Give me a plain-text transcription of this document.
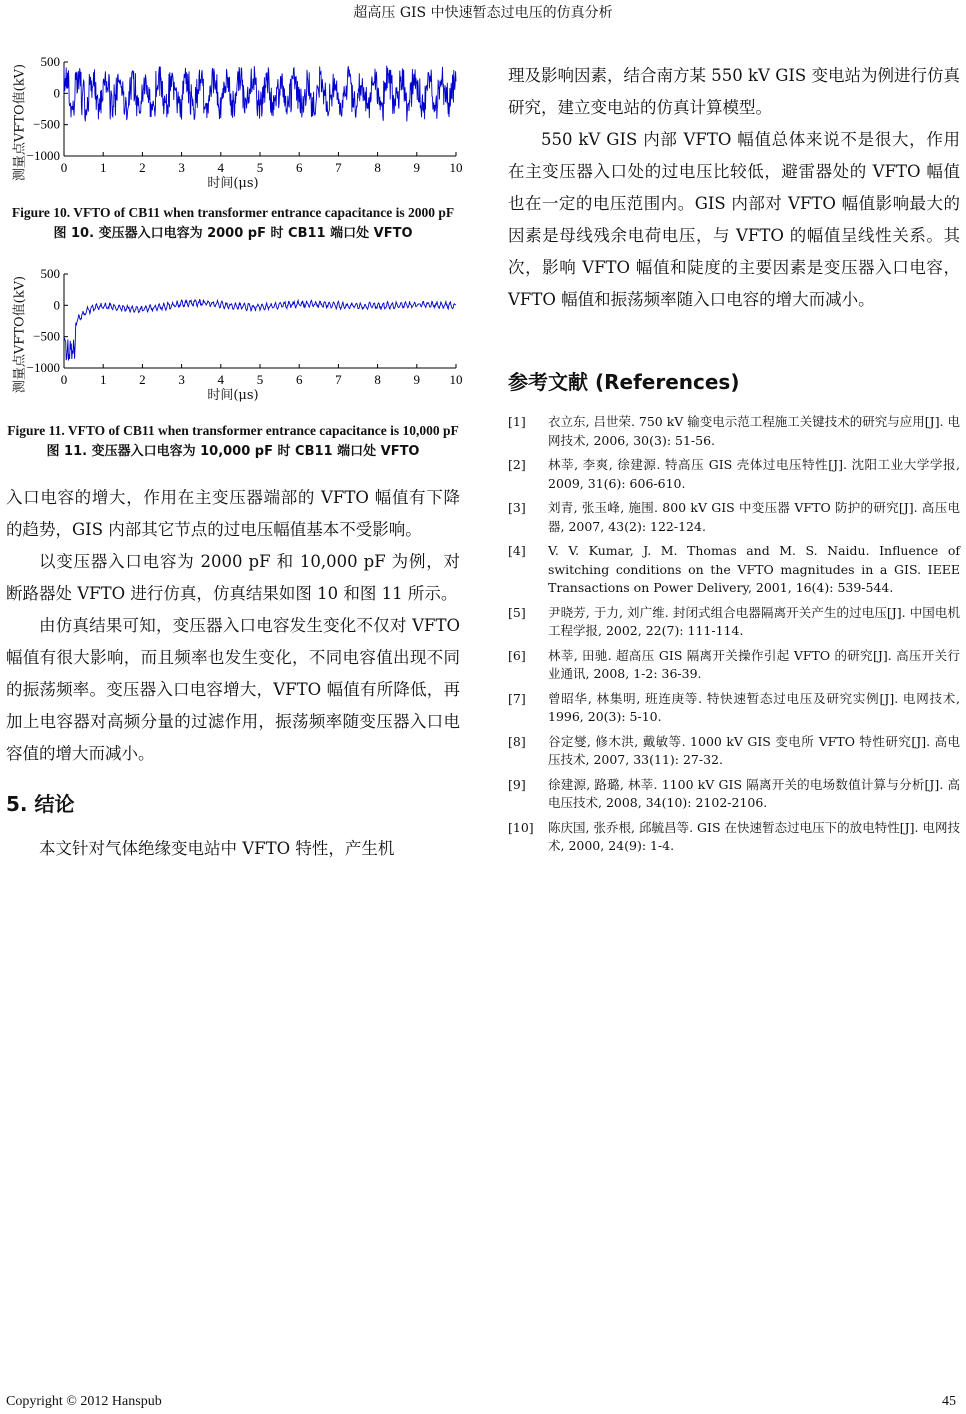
超高压 GIS 中快速暂态过电压的仿真分析
500
0
−500
−1000
0	1	2	3	4	5	6	7	8	9 10
测量点VFTO值(kV)
时间(μs)
Figure 10. VFTO of CB11 when transformer entrance capacitance is 2000 pF
图 10. 变压器入口电容为 2000 pF 时 CB11 端口处 VFTO
500
0
−500
−1000
0	1	2	3	4	5	6	7	8	9 10
测量点VFTO值(kV)
时间(μs)
Figure 11. VFTO of CB11 when transformer entrance capacitance is 10,000 pF
图 11. 变压器入口电容为 10,000 pF 时 CB11 端口处 VFTO

入口电容的增大，作用在主变压器端部的 VFTO 幅值有下降的趋势，GIS 内部其它节点的过电压幅值基本不受影响。

以变压器入口电容为 2000 pF 和 10,000 pF 为例，对断路器处 VFTO 进行仿真，仿真结果如图 10 和图 11 所示。

由仿真结果可知，变压器入口电容发生变化不仅对 VFTO 幅值有很大影响，而且频率也发生变化，不同电容值出现不同的振荡频率。变压器入口电容增大，VFTO 幅值有所降低，再加上电容器对高频分量的过滤作用，振荡频率随变压器入口电容值的增大而减小。

5. 结论

本文针对气体绝缘变电站中 VFTO 特性，产生机

理及影响因素，结合南方某 550 kV GIS 变电站为例进行仿真研究，建立变电站的仿真计算模型。

550 kV GIS 内部 VFTO 幅值总体来说不是很大，作用在主变压器入口处的过电压比较低，避雷器处的 VFTO 幅值也在一定的电压范围内。GIS 内部对 VFTO 幅值影响最大的因素是母线残余电荷电压，与 VFTO 的幅值呈线性关系。其次，影响 VFTO 幅值和陡度的主要因素是变压器入口电容，VFTO 幅值和振荡频率随入口电容的增大而减小。

参考文献 (References)
[1]	衣立东, 吕世荣. 750 kV 输变电示范工程施工关键技术的研究与应用[J]. 电网技术, 2006, 30(3): 51-56.
[2]	林莘, 李爽, 徐建源. 特高压 GIS 壳体过电压特性[J]. 沈阳工业大学学报, 2009, 31(6): 606-610.
[3]	刘青, 张玉峰, 施围. 800 kV GIS 中变压器 VFTO 防护的研究[J]. 高压电器, 2007, 43(2): 122-124.
[4]	V. V. Kumar, J. M. Thomas and M. S. Naidu. Influence of switching conditions on the VFTO magnitudes in a GIS. IEEE Transactions on Power Delivery, 2001, 16(4): 539-544.
[5]	尹晓芳, 于力, 刘广维. 封闭式组合电器隔离开关产生的过电压[J]. 中国电机工程学报, 2002, 22(7): 111-114.
[6]	林莘, 田驰. 超高压 GIS 隔离开关操作引起 VFTO 的研究[J]. 高压开关行业通讯, 2008, 1-2: 36-39.
[7]	曾昭华, 林集明, 班连庚等. 特快速暂态过电压及研究实例[J]. 电网技术, 1996, 20(3): 5-10.
[8]	谷定燮, 修木洪, 戴敏等. 1000 kV GIS 变电所 VFTO 特性研究[J]. 高电压技术, 2007, 33(11): 27-32.
[9]	徐建源, 路璐, 林莘. 1100 kV GIS 隔离开关的电场数值计算与分析[J]. 高电压技术, 2008, 34(10): 2102-2106.
[10]	陈庆国, 张乔根, 邱毓昌等. GIS 在快速暂态过电压下的放电特性[J]. 电网技术, 2000, 24(9): 1-4.
Copyright © 2012 Hanspub	45
